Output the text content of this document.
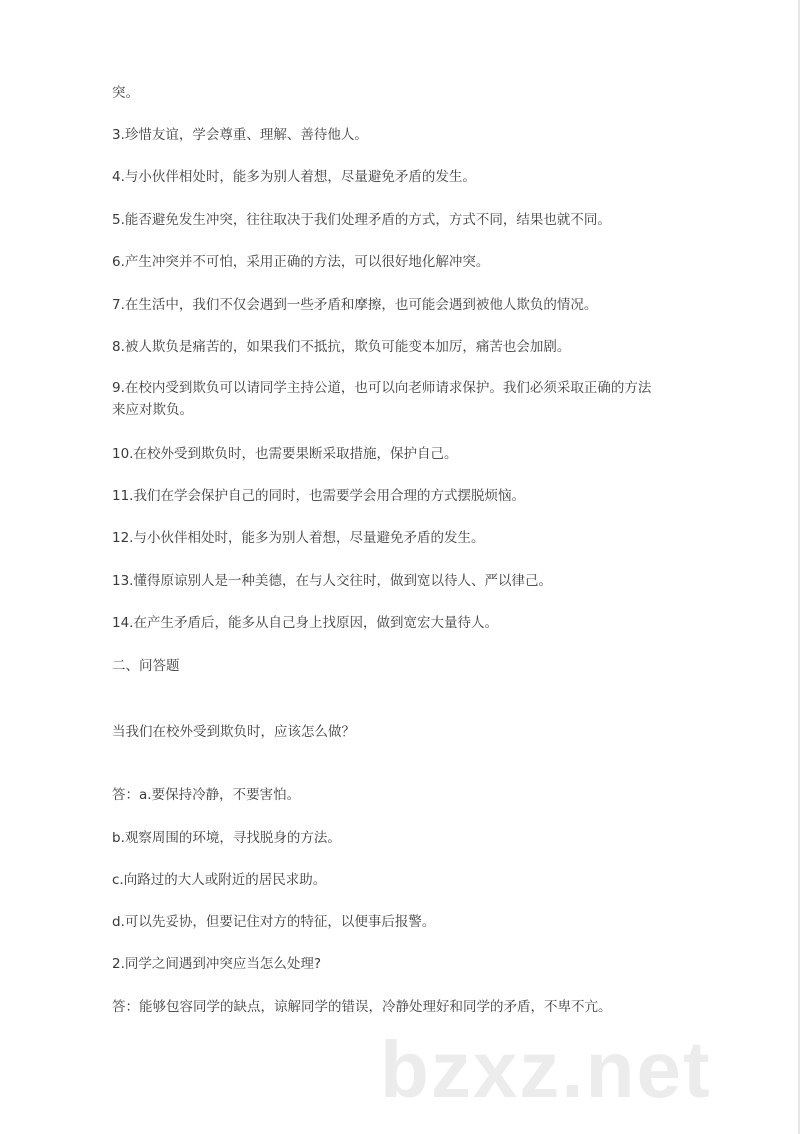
突。
3.珍惜友谊，学会尊重、理解、善待他人。
4.与小伙伴相处时，能多为别人着想，尽量避免矛盾的发生。
5.能否避免发生冲突，往往取决于我们处理矛盾的方式，方式不同，结果也就不同。
6.产生冲突并不可怕，采用正确的方法，可以很好地化解冲突。
7.在生活中，我们不仅会遇到一些矛盾和摩擦，也可能会遇到被他人欺负的情况。
8.被人欺负是痛苦的，如果我们不抵抗，欺负可能变本加厉，痛苦也会加剧。
9.在校内受到欺负可以请同学主持公道，也可以向老师请求保护。我们必须采取正确的方法
来应对欺负。
10.在校外受到欺负时，也需要果断采取措施，保护自己。
11.我们在学会保护自己的同时，也需要学会用合理的方式摆脱烦恼。
12.与小伙伴相处时，能多为别人着想，尽量避免矛盾的发生。
13.懂得原谅别人是一种美德，在与人交往时，做到宽以待人、严以律己。
14.在产生矛盾后，能多从自己身上找原因，做到宽宏大量待人。
二、问答题
当我们在校外受到欺负时，应该怎么做？
答：a.要保持冷静，不要害怕。
b.观察周围的环境，寻找脱身的方法。
c.向路过的大人或附近的居民求助。
d.可以先妥协，但要记住对方的特征，以便事后报警。
2.同学之间遇到冲突应当怎么处理?
答：能够包容同学的缺点，谅解同学的错误，冷静处理好和同学的矛盾，不卑不亢。
bzxz.net
